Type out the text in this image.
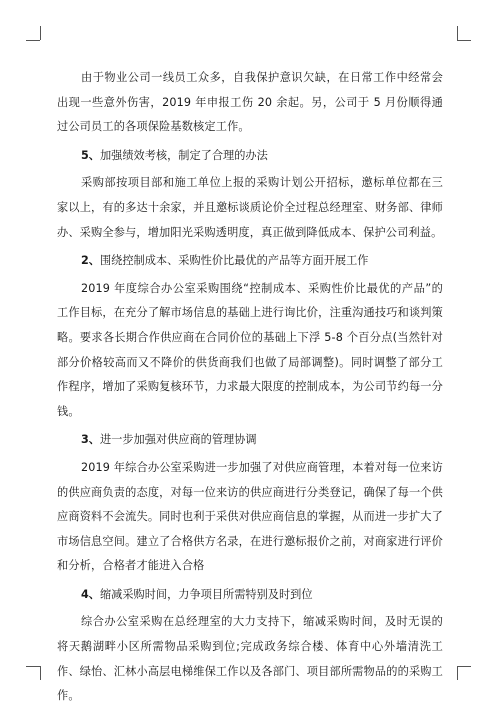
由于物业公司一线员工众多，自我保护意识欠缺，在日常工作中经常会出现一些意外伤害，2019 年申报工伤 20 余起。另，公司于 5 月份顺得通过公司员工的各项保险基数核定工作。

5、加强绩效考核，制定了合理的办法

采购部按项目部和施工单位上报的采购计划公开招标，邀标单位都在三家以上，有的多达十余家，并且邀标谈质论价全过程总经理室、财务部、律师办、采购全参与，增加阳光采购透明度，真正做到降低成本、保护公司利益。

2、围绕控制成本、采购性价比最优的产品等方面开展工作

2019 年度综合办公室采购围绕“控制成本、采购性价比最优的产品”的工作目标，在充分了解市场信息的基础上进行询比价，注重沟通技巧和谈判策略。要求各长期合作供应商在合同价位的基础上下浮 5-8 个百分点(当然针对部分价格较高而又不降价的供货商我们也做了局部调整)。同时调整了部分工作程序，增加了采购复核环节，力求最大限度的控制成本，为公司节约每一分钱。

3、进一步加强对供应商的管理协调

2019 年综合办公室采购进一步加强了对供应商管理，本着对每一位来访的供应商负责的态度，对每一位来访的供应商进行分类登记，确保了每一个供应商资料不会流失。同时也利于采供对供应商信息的掌握，从而进一步扩大了市场信息空间。建立了合格供方名录，在进行邀标报价之前，对商家进行评价和分析，合格者才能进入合格

4、缩减采购时间，力争项目所需特别及时到位

综合办公室采购在总经理室的大力支持下，缩减采购时间，及时无误的将天鹅湖畔小区所需物品采购到位;完成政务综合楼、体育中心外墙清洗工作、绿怡、汇林小高层电梯维保工作以及各部门、项目部所需物品的的采购工作。
